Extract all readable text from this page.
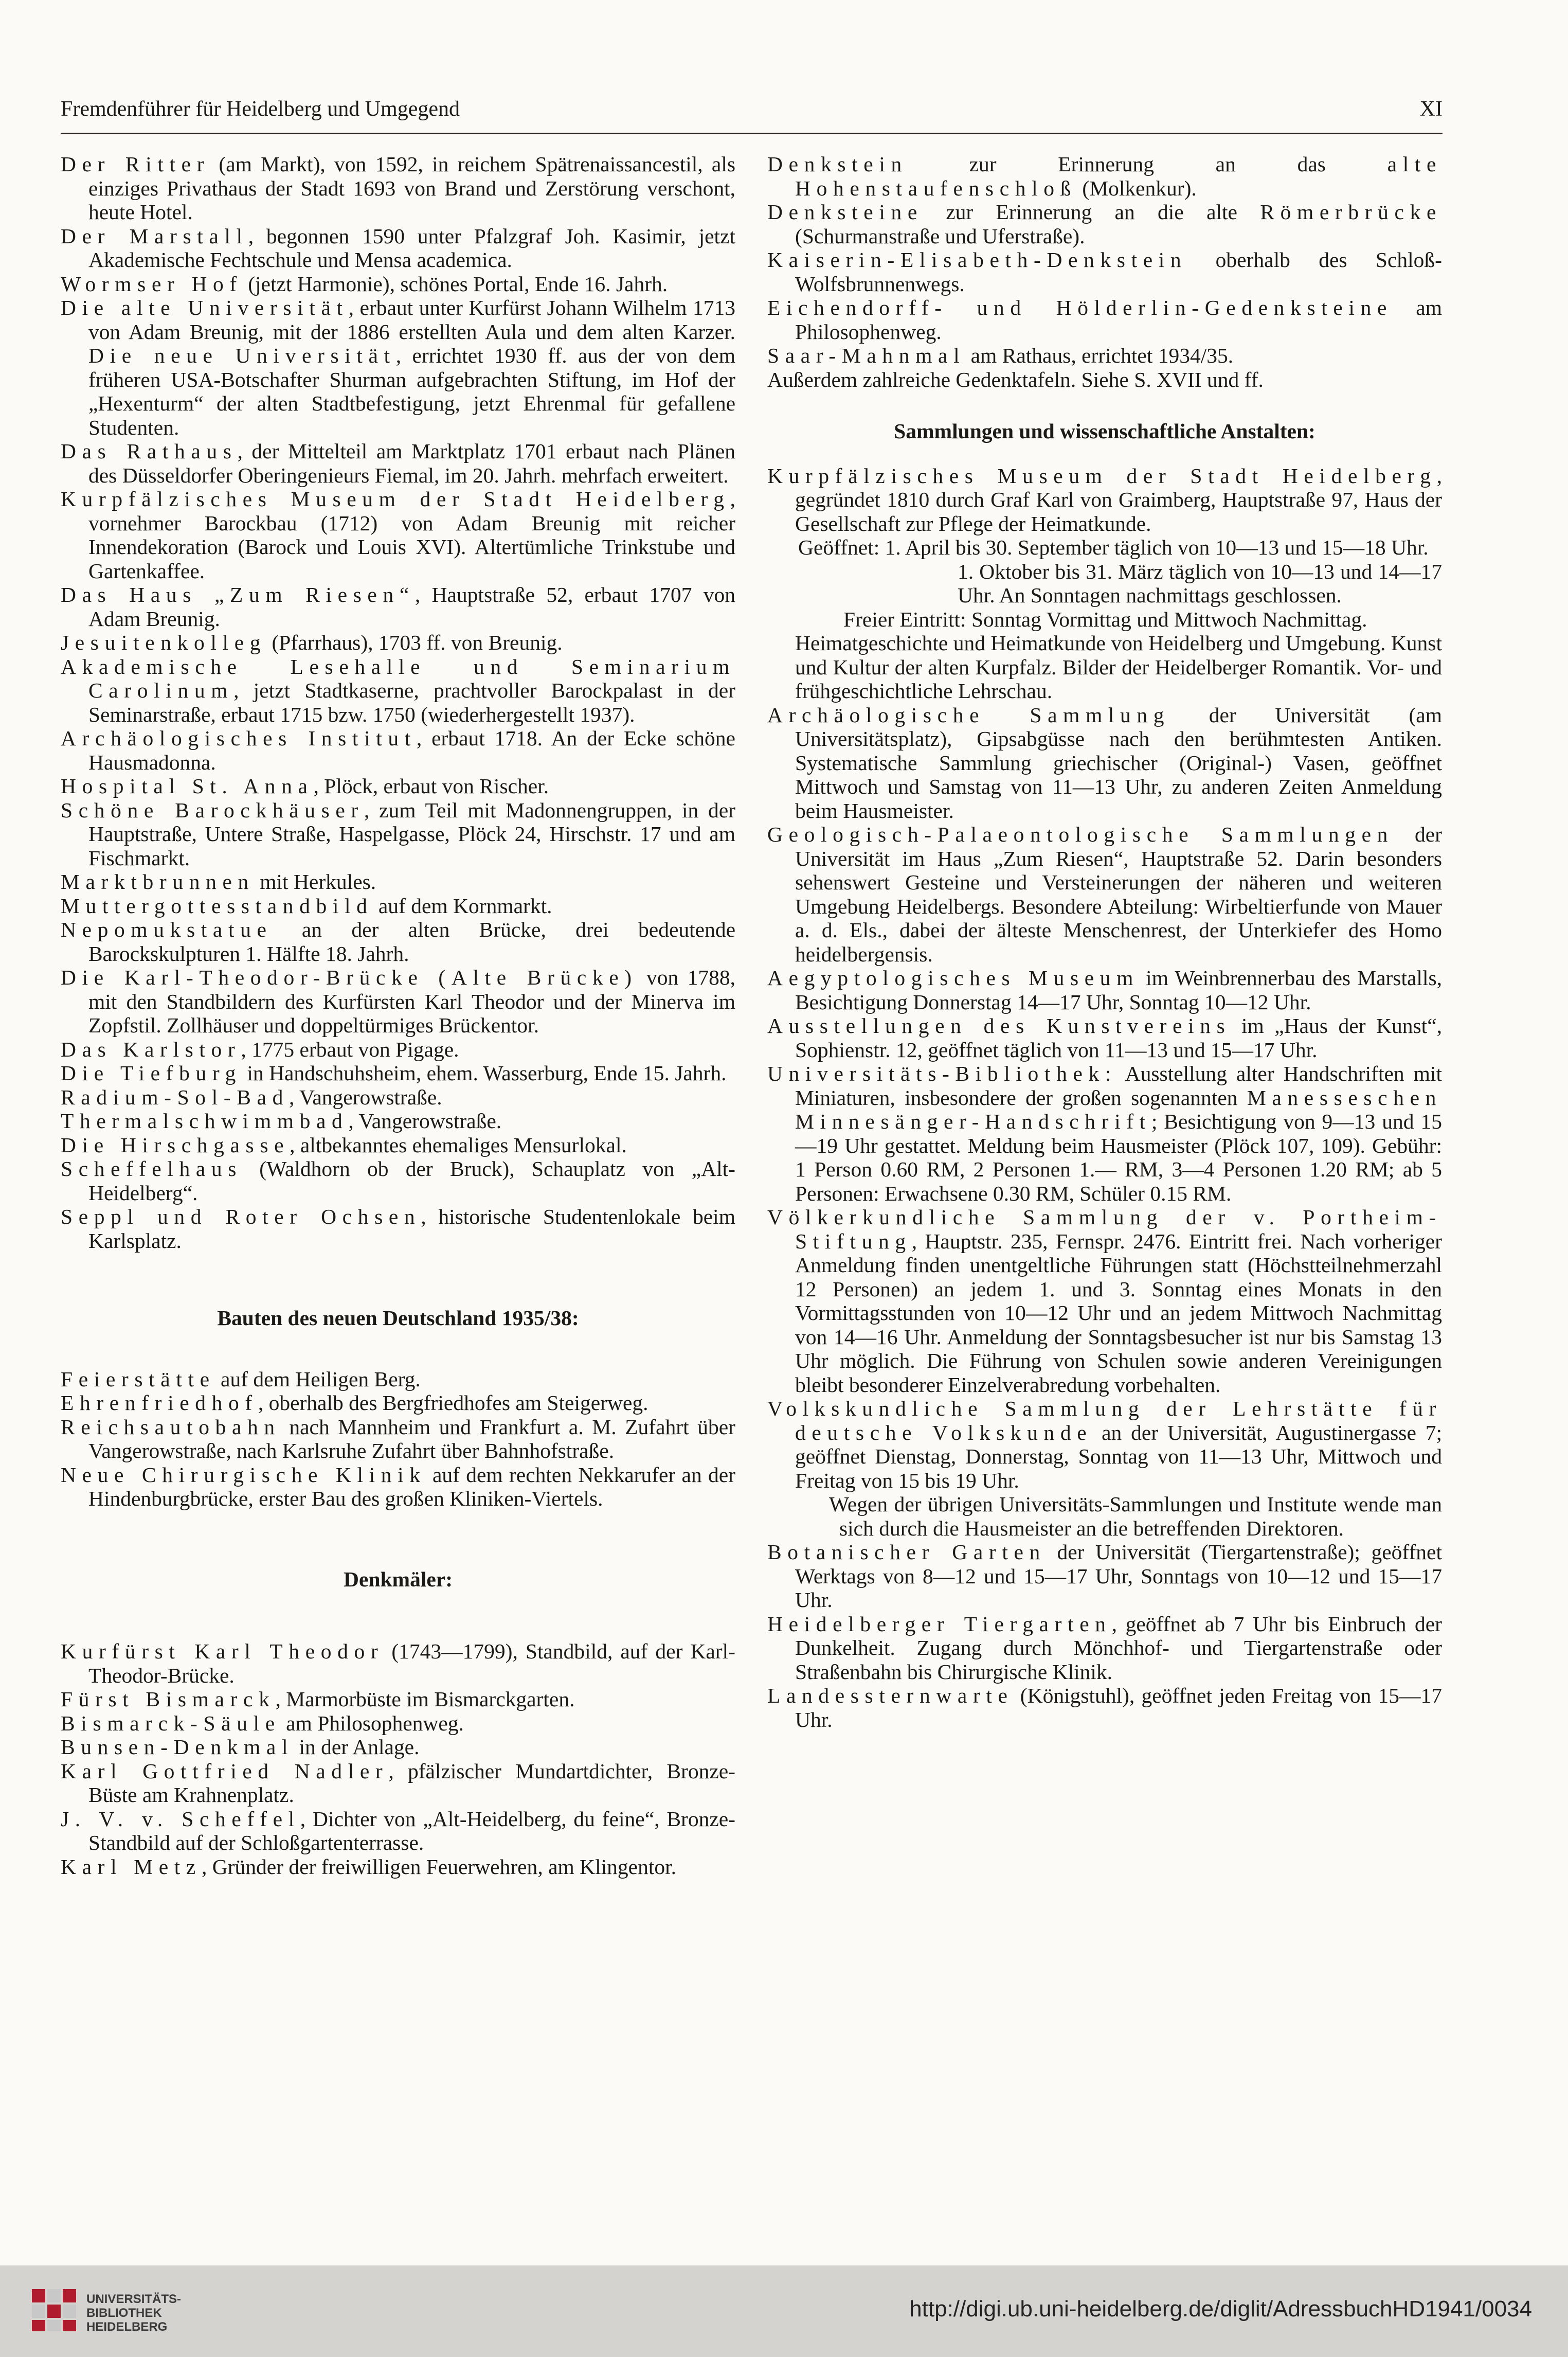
Fremdenführer für Heidelberg und Umgegend	XI
Der Ritter (am Markt), von 1592, in reichem Spätrenaissancestil, als einziges Privathaus der Stadt 1693 von Brand und Zerstörung verschont, heute Hotel.
Der Marstall, begonnen 1590 unter Pfalzgraf Joh. Kasimir, jetzt Akademische Fechtschule und Mensa academica.
Wormser Hof (jetzt Harmonie), schönes Portal, Ende 16. Jahrh.
Die alte Universität, erbaut unter Kurfürst Johann Wilhelm 1713 von Adam Breunig, mit der 1886 erstellten Aula und dem alten Karzer. Die neue Universität, errichtet 1930 ff. aus der von dem früheren USA-Botschafter Shurman aufgebrachten Stiftung, im Hof der „Hexenturm“ der alten Stadtbefestigung, jetzt Ehrenmal für gefallene Studenten.
Das Rathaus, der Mittelteil am Marktplatz 1701 erbaut nach Plänen des Düsseldorfer Oberingenieurs Fiemal, im 20. Jahrh. mehrfach erweitert.
Kurpfälzisches Museum der Stadt Heidelberg, vornehmer Barockbau (1712) von Adam Breunig mit reicher Innendekoration (Barock und Louis XVI). Altertümliche Trinkstube und Gartenkaffee.
Das Haus „Zum Riesen“, Hauptstraße 52, erbaut 1707 von Adam Breunig.
Jesuitenkolleg (Pfarrhaus), 1703 ff. von Breunig.
Akademische Lesehalle und Seminarium Carolinum, jetzt Stadtkaserne, prachtvoller Barockpalast in der Seminarstraße, erbaut 1715 bzw. 1750 (wiederhergestellt 1937).
Archäologisches Institut, erbaut 1718. An der Ecke schöne Hausmadonna.
Hospital St. Anna, Plöck, erbaut von Rischer.
Schöne Barockhäuser, zum Teil mit Madonnengruppen, in der Hauptstraße, Untere Straße, Haspelgasse, Plöck 24, Hirschstr. 17 und am Fischmarkt.
Marktbrunnen mit Herkules.
Muttergottesstandbild auf dem Kornmarkt.
Nepomukstatue an der alten Brücke, drei bedeutende Barockskulpturen 1. Hälfte 18. Jahrh.
Die Karl-Theodor-Brücke (Alte Brücke) von 1788, mit den Standbildern des Kurfürsten Karl Theodor und der Minerva im Zopfstil. Zollhäuser und doppeltürmiges Brückentor.
Das Karlstor, 1775 erbaut von Pigage.
Die Tiefburg in Handschuhsheim, ehem. Wasserburg, Ende 15. Jahrh.
Radium-Sol-Bad, Vangerowstraße.
Thermalschwimmbad, Vangerowstraße.
Die Hirschgasse, altbekanntes ehemaliges Mensurlokal.
Scheffelhaus (Waldhorn ob der Bruck), Schauplatz von „Alt-Heidelberg“.
Seppl und Roter Ochsen, historische Studentenlokale beim Karlsplatz.
Bauten des neuen Deutschland 1935/38:
Feierstätte auf dem Heiligen Berg.
Ehrenfriedhof, oberhalb des Bergfriedhofes am Steigerweg.
Reichsautobahn nach Mannheim und Frankfurt a. M. Zufahrt über Vangerowstraße, nach Karlsruhe Zufahrt über Bahnhofstraße.
Neue Chirurgische Klinik auf dem rechten Nekkarufer an der Hindenburgbrücke, erster Bau des großen Kliniken-Viertels.
Denkmäler:
Kurfürst Karl Theodor (1743—1799), Standbild, auf der Karl-Theodor-Brücke.
Fürst Bismarck, Marmorbüste im Bismarckgarten.
Bismarck-Säule am Philosophenweg.
Bunsen-Denkmal in der Anlage.
Karl Gottfried Nadler, pfälzischer Mundartdichter, Bronze-Büste am Krahnenplatz.
J. V. v. Scheffel, Dichter von „Alt-Heidelberg, du feine“, Bronze-Standbild auf der Schloßgartenterrasse.
Karl Metz, Gründer der freiwilligen Feuerwehren, am Klingentor.
Denkstein zur Erinnerung an das alte Hohenstaufenschloß (Molkenkur).
Denksteine zur Erinnerung an die alte Römerbrücke (Schurmanstraße und Uferstraße).
Kaiserin-Elisabeth-Denkstein oberhalb des Schloß-Wolfsbrunnenwegs.
Eichendorff- und Hölderlin-Gedenksteine am Philosophenweg.
Saar-Mahnmal am Rathaus, errichtet 1934/35.
Außerdem zahlreiche Gedenktafeln. Siehe S. XVII und ff.
Sammlungen und wissenschaftliche Anstalten:
Kurpfälzisches Museum der Stadt Heidelberg, gegründet 1810 durch Graf Karl von Graimberg, Hauptstraße 97, Haus der Gesellschaft zur Pflege der Heimatkunde.
Geöffnet: 1. April bis 30. September täglich von 10—13 und 15—18 Uhr.
1. Oktober bis 31. März täglich von 10—13 und 14—17 Uhr. An Sonntagen nachmittags geschlossen.
Freier Eintritt: Sonntag Vormittag und Mittwoch Nachmittag.
Heimatgeschichte und Heimatkunde von Heidelberg und Umgebung. Kunst und Kultur der alten Kurpfalz. Bilder der Heidelberger Romantik. Vor- und frühgeschichtliche Lehrschau.
Archäologische Sammlung der Universität (am Universitätsplatz), Gipsabgüsse nach den berühmtesten Antiken. Systematische Sammlung griechischer (Original-) Vasen, geöffnet Mittwoch und Samstag von 11—13 Uhr, zu anderen Zeiten Anmeldung beim Hausmeister.
Geologisch-Palaeontologische Sammlungen der Universität im Haus „Zum Riesen“, Hauptstraße 52. Darin besonders sehenswert Gesteine und Versteinerungen der näheren und weiteren Umgebung Heidelbergs. Besondere Abteilung: Wirbeltierfunde von Mauer a. d. Els., dabei der älteste Menschenrest, der Unterkiefer des Homo heidelbergensis.
Aegyptologisches Museum im Weinbrennerbau des Marstalls, Besichtigung Donnerstag 14—17 Uhr, Sonntag 10—12 Uhr.
Ausstellungen des Kunstvereins im „Haus der Kunst“, Sophienstr. 12, geöffnet täglich von 11—13 und 15—17 Uhr.
Universitäts-Bibliothek: Ausstellung alter Handschriften mit Miniaturen, insbesondere der großen sogenannten Manesseschen Minnesänger-Handschrift; Besichtigung von 9—13 und 15—19 Uhr gestattet. Meldung beim Hausmeister (Plöck 107, 109). Gebühr: 1 Person 0.60 RM, 2 Personen 1.— RM, 3—4 Personen 1.20 RM; ab 5 Personen: Erwachsene 0.30 RM, Schüler 0.15 RM.
Völkerkundliche Sammlung der v. Portheim-Stiftung, Hauptstr. 235, Fernspr. 2476. Eintritt frei. Nach vorheriger Anmeldung finden unentgeltliche Führungen statt (Höchstteilnehmerzahl 12 Personen) an jedem 1. und 3. Sonntag eines Monats in den Vormittagsstunden von 10—12 Uhr und an jedem Mittwoch Nachmittag von 14—16 Uhr. Anmeldung der Sonntagsbesucher ist nur bis Samstag 13 Uhr möglich. Die Führung von Schulen sowie anderen Vereinigungen bleibt besonderer Einzelverabredung vorbehalten.
Volkskundliche Sammlung der Lehrstätte für deutsche Volkskunde an der Universität, Augustinergasse 7; geöffnet Dienstag, Donnerstag, Sonntag von 11—13 Uhr, Mittwoch und Freitag von 15 bis 19 Uhr.
Wegen der übrigen Universitäts-Sammlungen und Institute wende man sich durch die Hausmeister an die betreffenden Direktoren.
Botanischer Garten der Universität (Tiergartenstraße); geöffnet Werktags von 8—12 und 15—17 Uhr, Sonntags von 10—12 und 15—17 Uhr.
Heidelberger Tiergarten, geöffnet ab 7 Uhr bis Einbruch der Dunkelheit. Zugang durch Mönchhof- und Tiergartenstraße oder Straßenbahn bis Chirurgische Klinik.
Landessternwarte (Königstuhl), geöffnet jeden Freitag von 15—17 Uhr.
UNIVERSITÄTS-
BIBLIOTHEK
HEIDELBERG
http://digi.ub.uni-heidelberg.de/diglit/AdressbuchHD1941/0034
